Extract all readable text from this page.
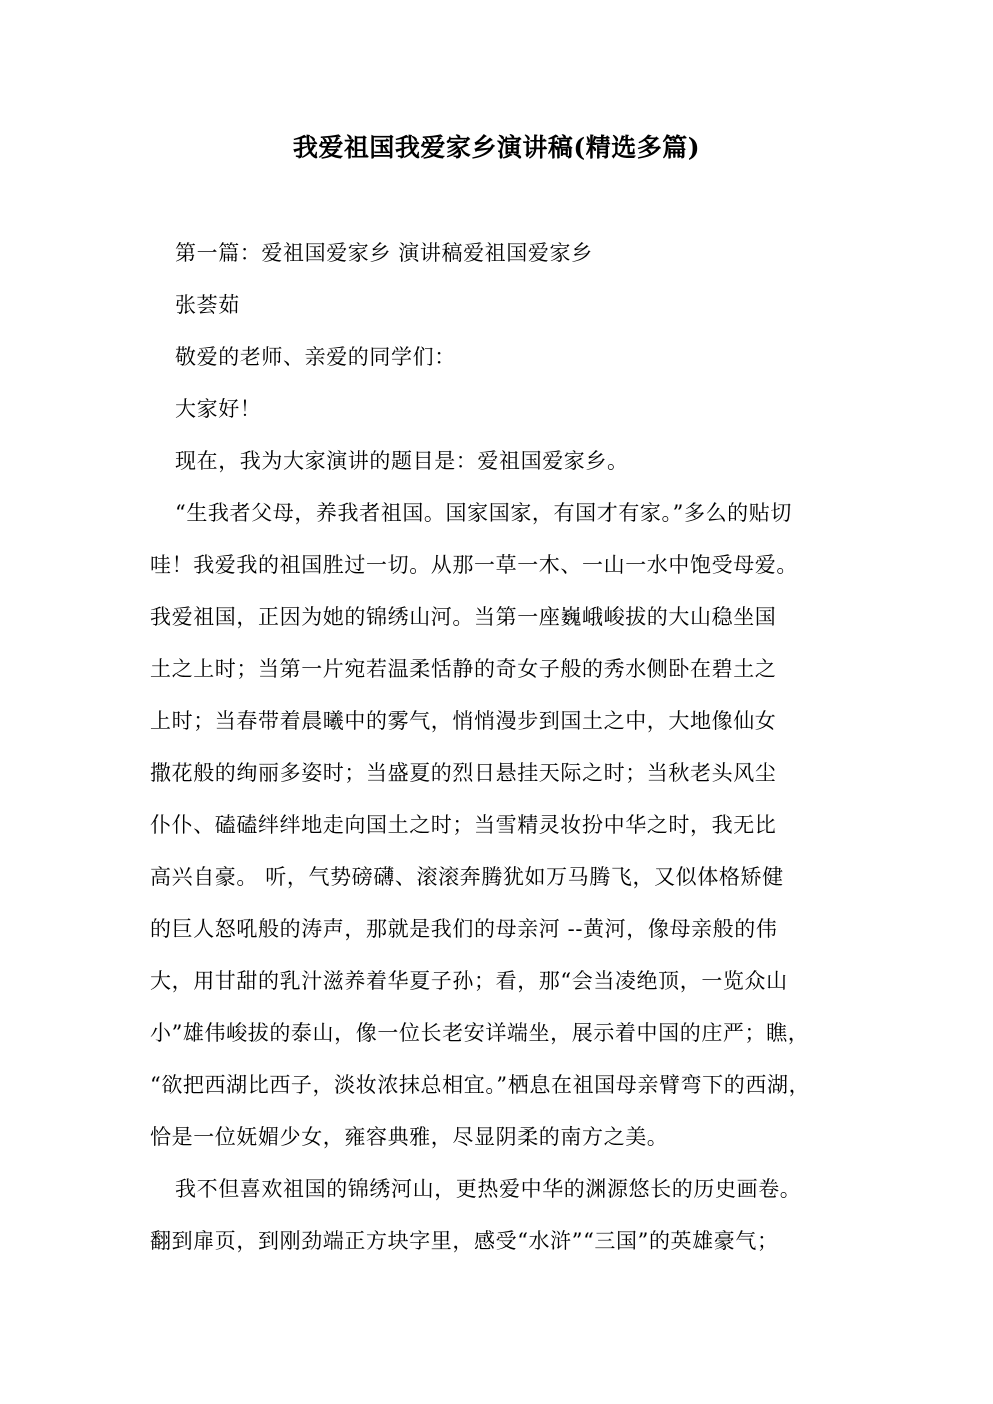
我爱祖国我爱家乡演讲稿(精选多篇)
第一篇：爱祖国爱家乡 演讲稿爱祖国爱家乡
张荟茹
敬爱的老师、亲爱的同学们：
大家好！
现在，我为大家演讲的题目是：爱祖国爱家乡。
“生我者父母，养我者祖国。国家国家，有国才有家。”多么的贴切
哇！我爱我的祖国胜过一切。从那一草一木、一山一水中饱受母爱。
我爱祖国，正因为她的锦绣山河。当第一座巍峨峻拔的大山稳坐国
土之上时；当第一片宛若温柔恬静的奇女子般的秀水侧卧在碧土之
上时；当春带着晨曦中的雾气，悄悄漫步到国土之中，大地像仙女
撒花般的绚丽多姿时；当盛夏的烈日悬挂天际之时；当秋老头风尘
仆仆、磕磕绊绊地走向国土之时；当雪精灵妆扮中华之时，我无比
高兴自豪。 听，气势磅礴、滚滚奔腾犹如万马腾飞，又似体格矫健
的巨人怒吼般的涛声，那就是我们的母亲河 --黄河，像母亲般的伟
大，用甘甜的乳汁滋养着华夏子孙；看，那“会当凌绝顶，一览众山
小”雄伟峻拔的泰山，像一位长老安详端坐，展示着中国的庄严；瞧，
“欲把西湖比西子，淡妆浓抹总相宜。”栖息在祖国母亲臂弯下的西湖，
恰是一位妩媚少女，雍容典雅，尽显阴柔的南方之美。
我不但喜欢祖国的锦绣河山，更热爱中华的渊源悠长的历史画卷。
翻到扉页，到刚劲端正方块字里，感受“水浒”“三国”的英雄豪气；
